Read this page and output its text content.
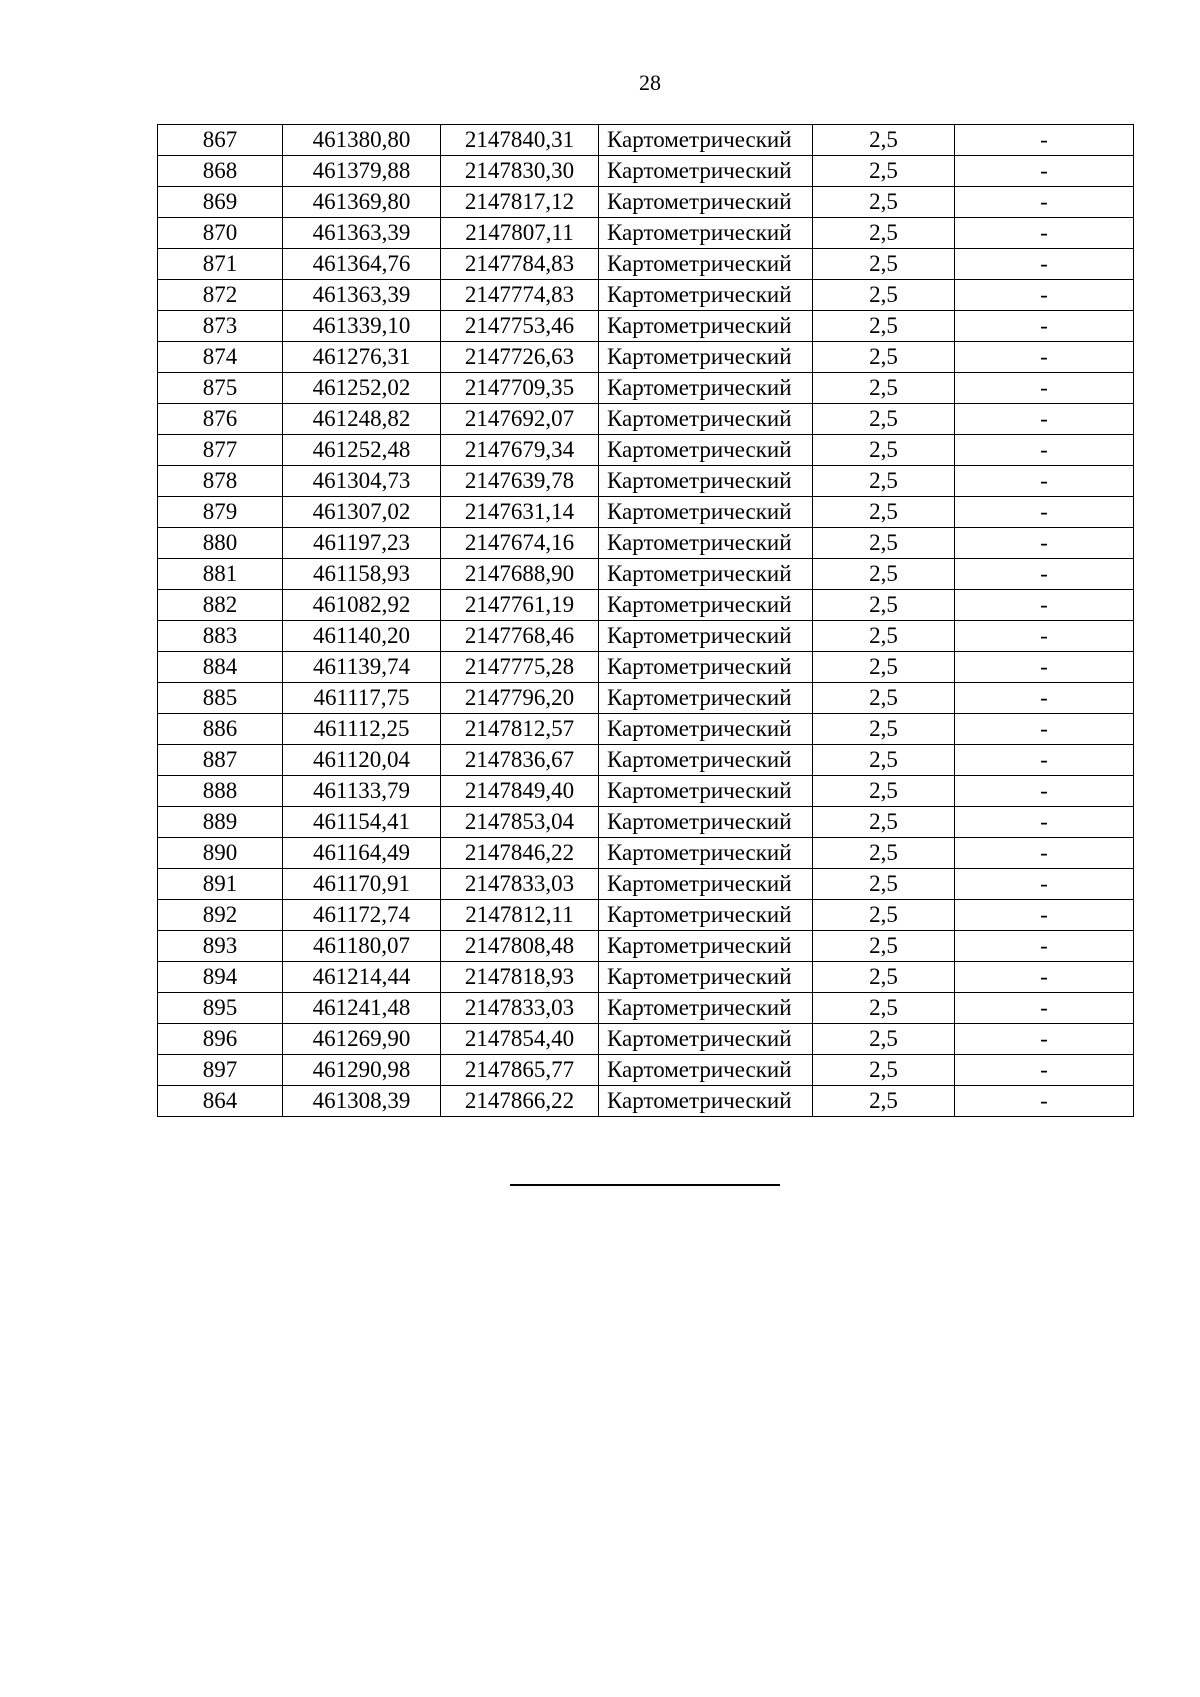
28
867	461380,80	2147840,31	Картометрический	2,5	-
868	461379,88	2147830,30	Картометрический	2,5	-
869	461369,80	2147817,12	Картометрический	2,5	-
870	461363,39	2147807,11	Картометрический	2,5	-
871	461364,76	2147784,83	Картометрический	2,5	-
872	461363,39	2147774,83	Картометрический	2,5	-
873	461339,10	2147753,46	Картометрический	2,5	-
874	461276,31	2147726,63	Картометрический	2,5	-
875	461252,02	2147709,35	Картометрический	2,5	-
876	461248,82	2147692,07	Картометрический	2,5	-
877	461252,48	2147679,34	Картометрический	2,5	-
878	461304,73	2147639,78	Картометрический	2,5	-
879	461307,02	2147631,14	Картометрический	2,5	-
880	461197,23	2147674,16	Картометрический	2,5	-
881	461158,93	2147688,90	Картометрический	2,5	-
882	461082,92	2147761,19	Картометрический	2,5	-
883	461140,20	2147768,46	Картометрический	2,5	-
884	461139,74	2147775,28	Картометрический	2,5	-
885	461117,75	2147796,20	Картометрический	2,5	-
886	461112,25	2147812,57	Картометрический	2,5	-
887	461120,04	2147836,67	Картометрический	2,5	-
888	461133,79	2147849,40	Картометрический	2,5	-
889	461154,41	2147853,04	Картометрический	2,5	-
890	461164,49	2147846,22	Картометрический	2,5	-
891	461170,91	2147833,03	Картометрический	2,5	-
892	461172,74	2147812,11	Картометрический	2,5	-
893	461180,07	2147808,48	Картометрический	2,5	-
894	461214,44	2147818,93	Картометрический	2,5	-
895	461241,48	2147833,03	Картометрический	2,5	-
896	461269,90	2147854,40	Картометрический	2,5	-
897	461290,98	2147865,77	Картометрический	2,5	-
864	461308,39	2147866,22	Картометрический	2,5	-
